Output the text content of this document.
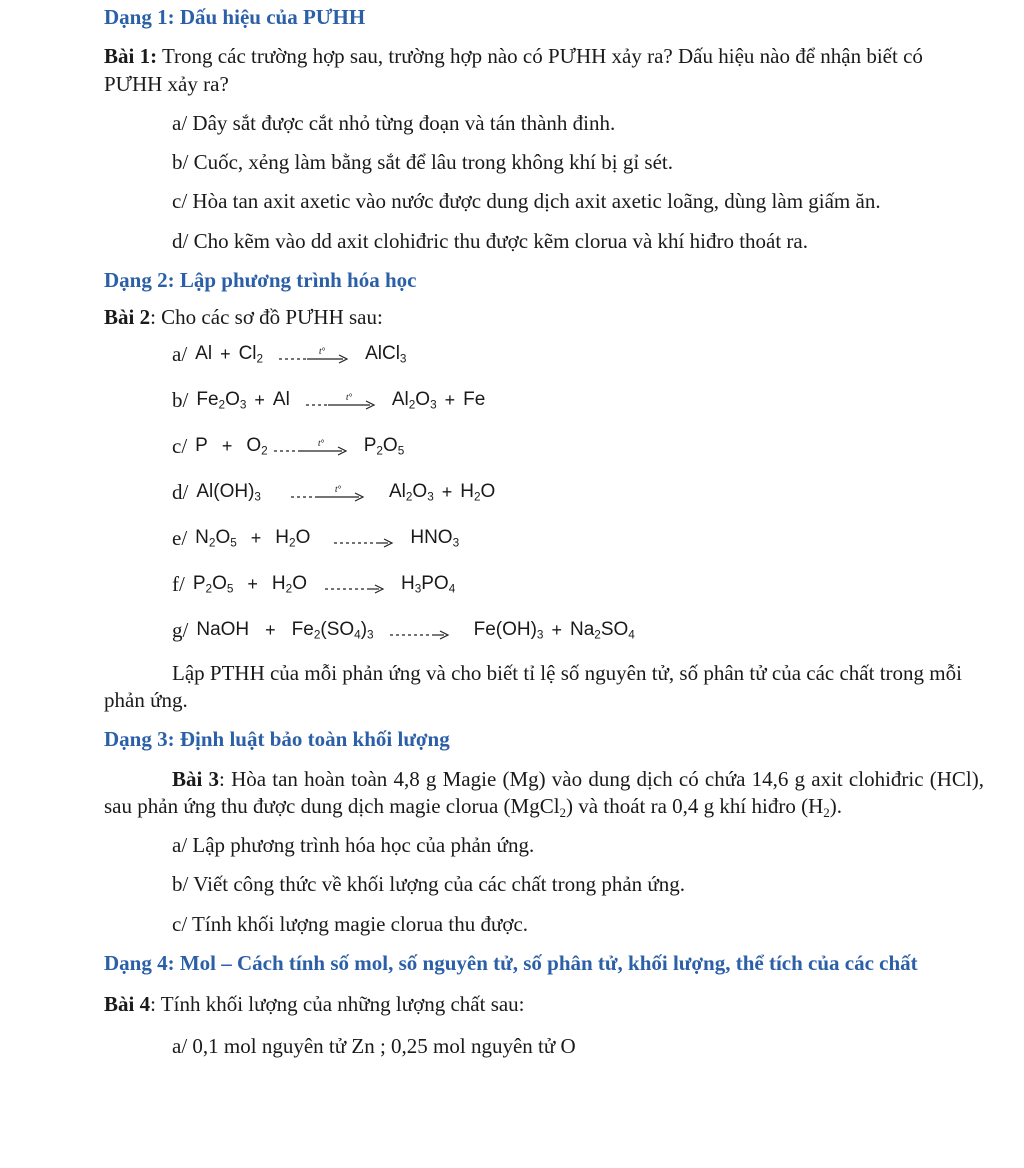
Dạng 1: Dấu hiệu của PƯHH

Bài 1: Trong các trường hợp sau, trường hợp nào có PƯHH xảy ra? Dấu hiệu nào để nhận biết có PƯHH xảy ra?

a/ Dây sắt được cắt nhỏ từng đoạn và tán thành đinh.

b/ Cuốc, xẻng làm bằng sắt để lâu trong không khí bị gỉ sét.

c/ Hòa tan axit axetic vào nước được dung dịch axit axetic loãng, dùng làm giấm ăn.

d/ Cho kẽm vào dd axit clohiđric thu được kẽm clorua và khí hiđro thoát ra.

Dạng 2: Lập phương trình hóa học

Bài 2: Cho các sơ đồ PƯHH sau:

a/ $Al + Cl_2$
t° AlCl$_3$
b/ $Fe_2O_3 + Al$	t° $Al_2O_3 + Fe$
c/ $P + O_2$
t° $P_2O_5$
d/ $Al(OH)_3$
t°	$Al_2O_3 + H_2O$
e/ $N_2O_5 + H_2O \to HNO_3$
f/ $P_2O_5 + H_2O \to H_3PO_4$
g/ NaOH + $Fe_2(SO_4)_3 \to Fe(OH)_3 + Na_2SO_4$

Lập PTHH của mỗi phản ứng và cho biết tỉ lệ số nguyên tử, số phân tử của các chất trong mỗi phản ứng.

Dạng 3: Định luật bảo toàn khối lượng

Bài 3: Hòa tan hoàn toàn 4,8 g Magie (Mg) vào dung dịch có chứa 14,6 g axit clohiđric (HCl), sau phản ứng thu được dung dịch magie clorua (MgCl$_2$) và thoát ra 0,4 g khí hiđro $(H_2)$.

a/ Lập phương trình hóa học của phản ứng.

b/ Viết công thức về khối lượng của các chất trong phản ứng.

c/ Tính khối lượng magie clorua thu được.

Dạng 4: Mol – Cách tính số mol, số nguyên tử, số phân tử, khối lượng, thể tích của các chất

Bài 4: Tính khối lượng của những lượng chất sau:

a/ 0,1 mol nguyên tử Zn ; 0,25 mol nguyên tử O
